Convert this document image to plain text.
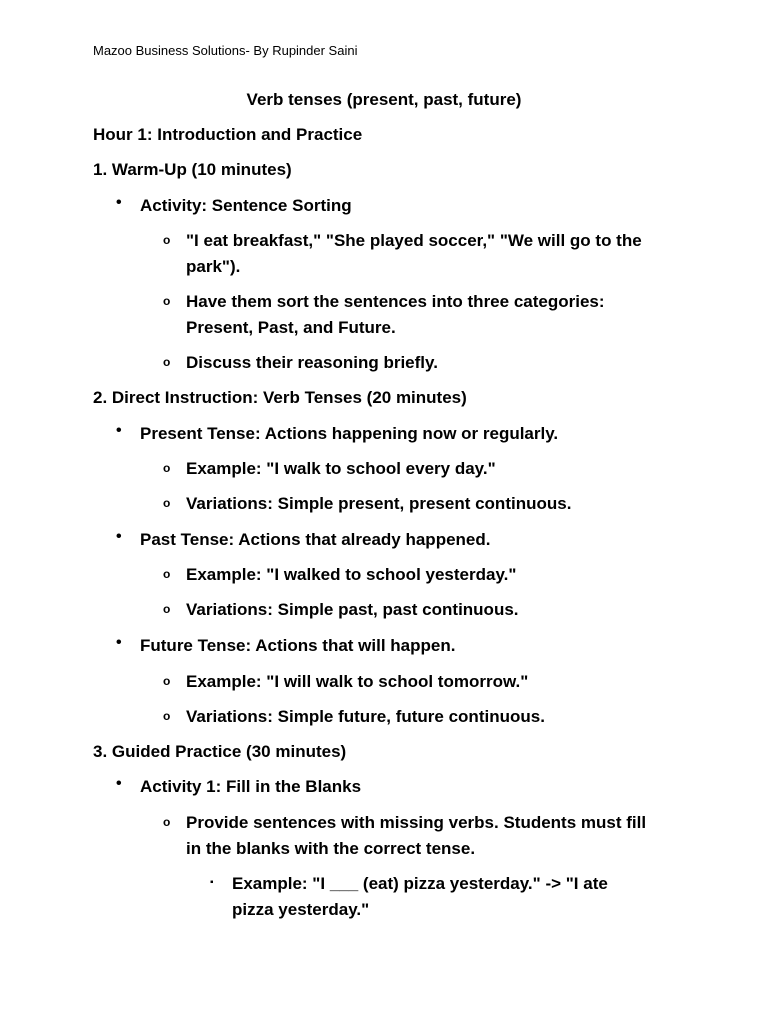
Mazoo Business Solutions- By Rupinder Saini
Verb tenses (present, past, future)
Hour 1: Introduction and Practice
1. Warm-Up (10 minutes)
• Activity: Sentence Sorting
o "I eat breakfast," "She played soccer," "We will go to the
park").
o Have them sort the sentences into three categories:
Present, Past, and Future.
o Discuss their reasoning briefly.
2. Direct Instruction: Verb Tenses (20 minutes)
• Present Tense: Actions happening now or regularly.
o Example: "I walk to school every day."
o Variations: Simple present, present continuous.
• Past Tense: Actions that already happened.
o Example: "I walked to school yesterday."
o Variations: Simple past, past continuous.
• Future Tense: Actions that will happen.
o Example: "I will walk to school tomorrow."
o Variations: Simple future, future continuous.
3. Guided Practice (30 minutes)
• Activity 1: Fill in the Blanks
o Provide sentences with missing verbs. Students must fill
in the blanks with the correct tense.
▪ Example: "I ___ (eat) pizza yesterday." -> "I ate
pizza yesterday."
